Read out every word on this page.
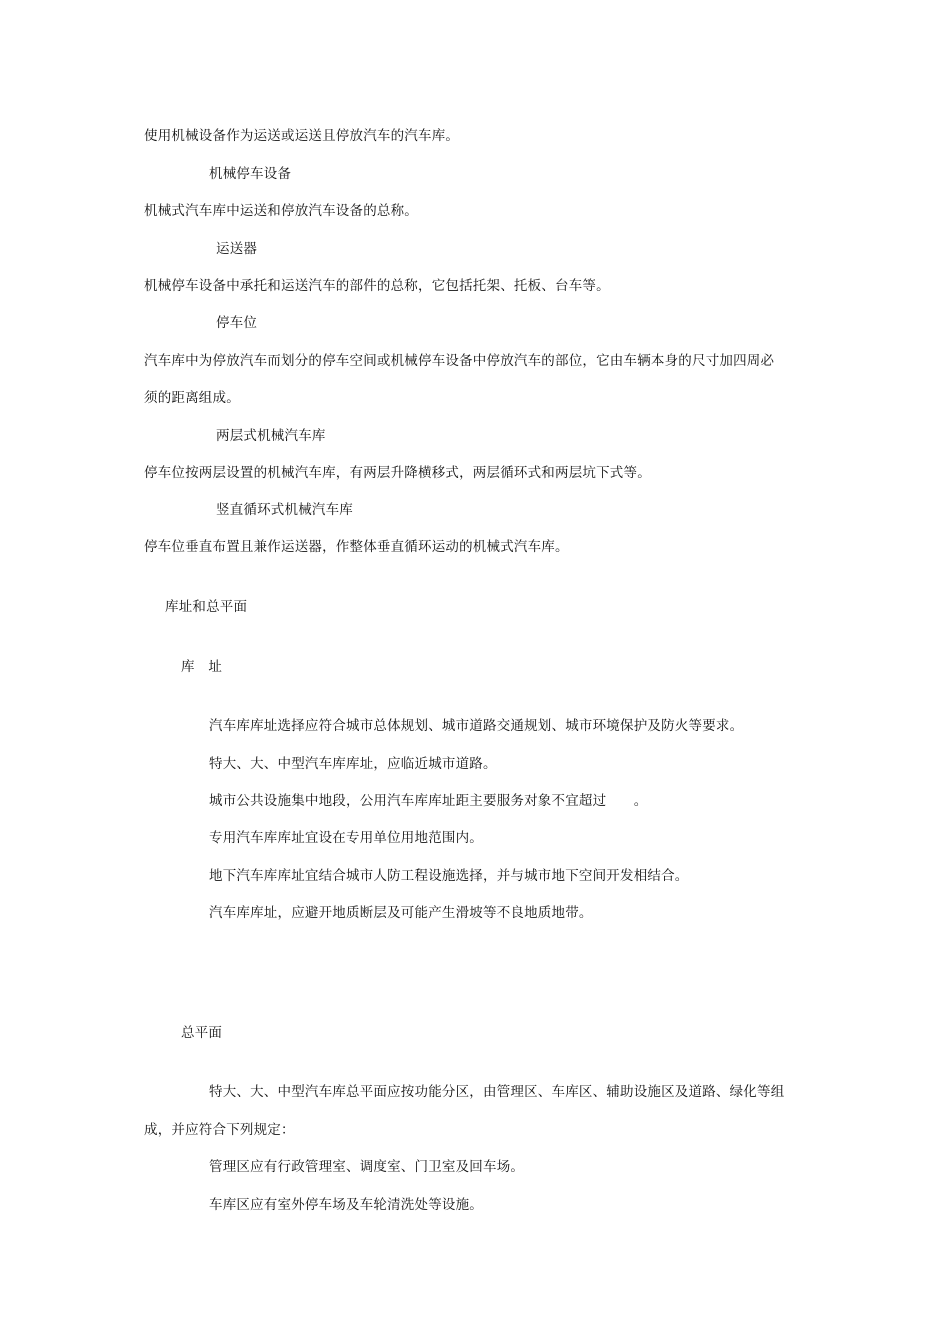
使用机械设备作为运送或运送且停放汽车的汽车库。
机械停车设备
机械式汽车库中运送和停放汽车设备的总称。
运送器
机械停车设备中承托和运送汽车的部件的总称，它包括托架、托板、台车等。
停车位
汽车库中为停放汽车而划分的停车空间或机械停车设备中停放汽车的部位，它由车辆本身的尺寸加四周必
须的距离组成。
两层式机械汽车库
停车位按两层设置的机械汽车库，有两层升降横移式，两层循环式和两层坑下式等。
竖直循环式机械汽车库
停车位垂直布置且兼作运送器，作整体垂直循环运动的机械式汽车库。
库址和总平面
库　址
汽车库库址选择应符合城市总体规划、城市道路交通规划、城市环境保护及防火等要求。
特大、大、中型汽车库库址，应临近城市道路。
城市公共设施集中地段，公用汽车库库址距主要服务对象不宜超过　　。
专用汽车库库址宜设在专用单位用地范围内。
地下汽车库库址宜结合城市人防工程设施选择，并与城市地下空间开发相结合。
汽车库库址，应避开地质断层及可能产生滑坡等不良地质地带。
总平面
特大、大、中型汽车库总平面应按功能分区，由管理区、车库区、辅助设施区及道路、绿化等组
成，并应符合下列规定：
管理区应有行政管理室、调度室、门卫室及回车场。
车库区应有室外停车场及车轮清洗处等设施。
